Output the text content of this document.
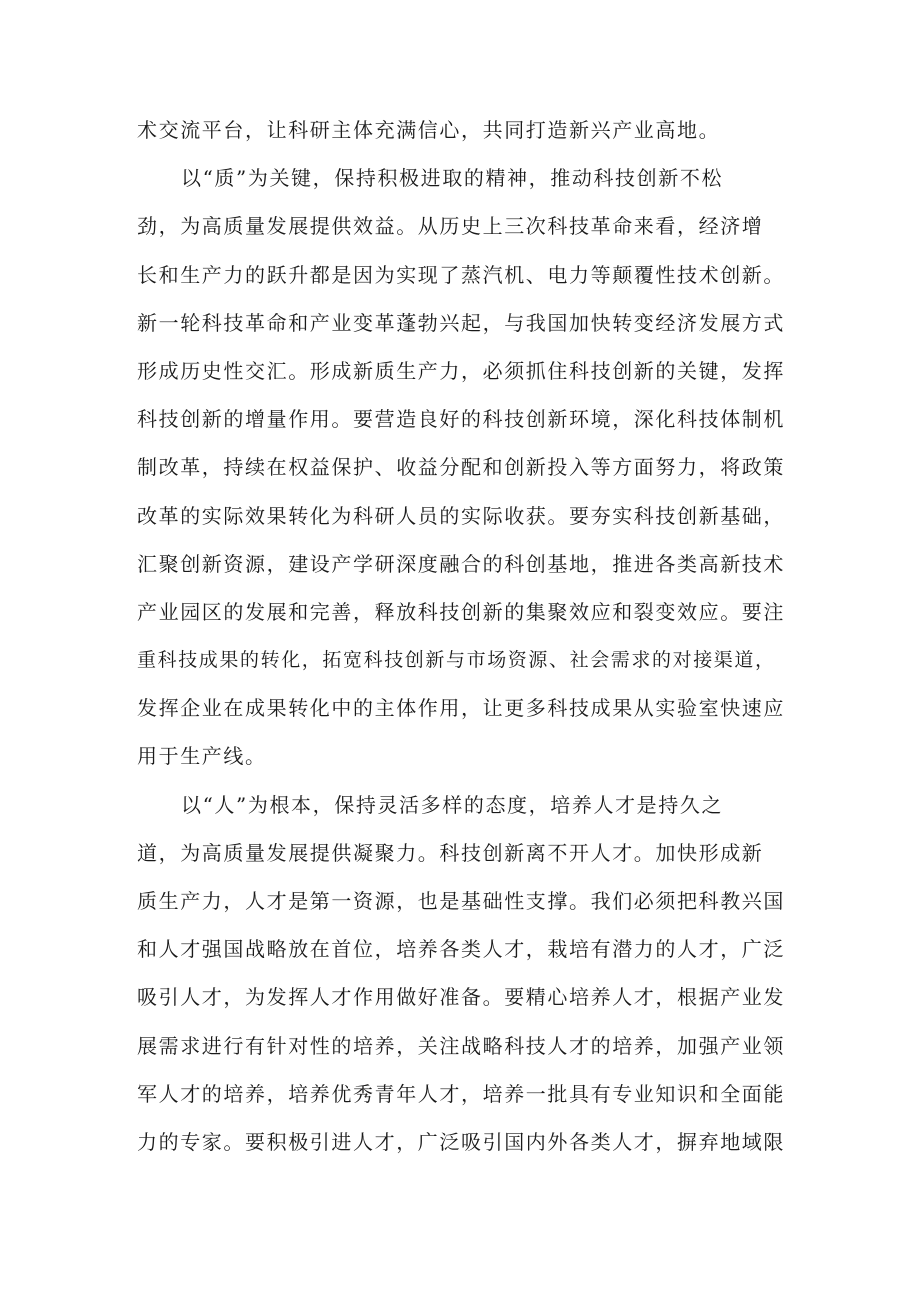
术交流平台，让科研主体充满信心，共同打造新兴产业高地。
以“质”为关键，保持积极进取的精神，推动科技创新不松
劲，为高质量发展提供效益。从历史上三次科技革命来看，经济增
长和生产力的跃升都是因为实现了蒸汽机、电力等颠覆性技术创新。
新一轮科技革命和产业变革蓬勃兴起，与我国加快转变经济发展方式
形成历史性交汇。形成新质生产力，必须抓住科技创新的关键，发挥
科技创新的增量作用。要营造良好的科技创新环境，深化科技体制机
制改革，持续在权益保护、收益分配和创新投入等方面努力，将政策
改革的实际效果转化为科研人员的实际收获。要夯实科技创新基础，
汇聚创新资源，建设产学研深度融合的科创基地，推进各类高新技术
产业园区的发展和完善，释放科技创新的集聚效应和裂变效应。要注
重科技成果的转化，拓宽科技创新与市场资源、社会需求的对接渠道，
发挥企业在成果转化中的主体作用，让更多科技成果从实验室快速应
用于生产线。
以“人”为根本，保持灵活多样的态度，培养人才是持久之
道，为高质量发展提供凝聚力。科技创新离不开人才。加快形成新
质生产力，人才是第一资源，也是基础性支撑。我们必须把科教兴国
和人才强国战略放在首位，培养各类人才，栽培有潜力的人才，广泛
吸引人才，为发挥人才作用做好准备。要精心培养人才，根据产业发
展需求进行有针对性的培养，关注战略科技人才的培养，加强产业领
军人才的培养，培养优秀青年人才，培养一批具有专业知识和全面能
力的专家。要积极引进人才，广泛吸引国内外各类人才，摒弃地域限
